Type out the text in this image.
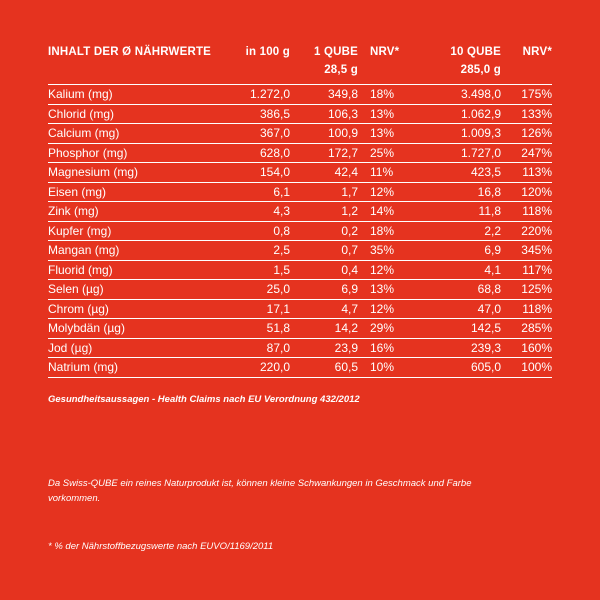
INHALT DER Ø NÄHRWERTE	in 100 g	1 QUBE	NRV*	10 QUBE	NRV*
		28,5 g		285,0 g	
Kalium (mg)	1.272,0	349,8	18%	3.498,0	175%
Chlorid (mg)	386,5	106,3	13%	1.062,9	133%
Calcium (mg)	367,0	100,9	13%	1.009,3	126%
Phosphor (mg)	628,0	172,7	25%	1.727,0	247%
Magnesium (mg)	154,0	42,4	11%	423,5	113%
Eisen (mg)	6,1	1,7	12%	16,8	120%
Zink (mg)	4,3	1,2	14%	11,8	118%
Kupfer (mg)	0,8	0,2	18%	2,2	220%
Mangan (mg)	2,5	0,7	35%	6,9	345%
Fluorid (mg)	1,5	0,4	12%	4,1	117%
Selen (µg)	25,0	6,9	13%	68,8	125%
Chrom (µg)	17,1	4,7	12%	47,0	118%
Molybdän (µg)	51,8	14,2	29%	142,5	285%
Jod (µg)	87,0	23,9	16%	239,3	160%
Natrium (mg)	220,0	60,5	10%	605,0	100%
Gesundheitsaussagen - Health Claims nach EU Verordnung 432/2012
Da Swiss-QUBE ein reines Naturprodukt ist, können kleine Schwankungen in Geschmack und Farbe vorkommen.
* % der Nährstoffbezugswerte nach EUVO/1169/2011
